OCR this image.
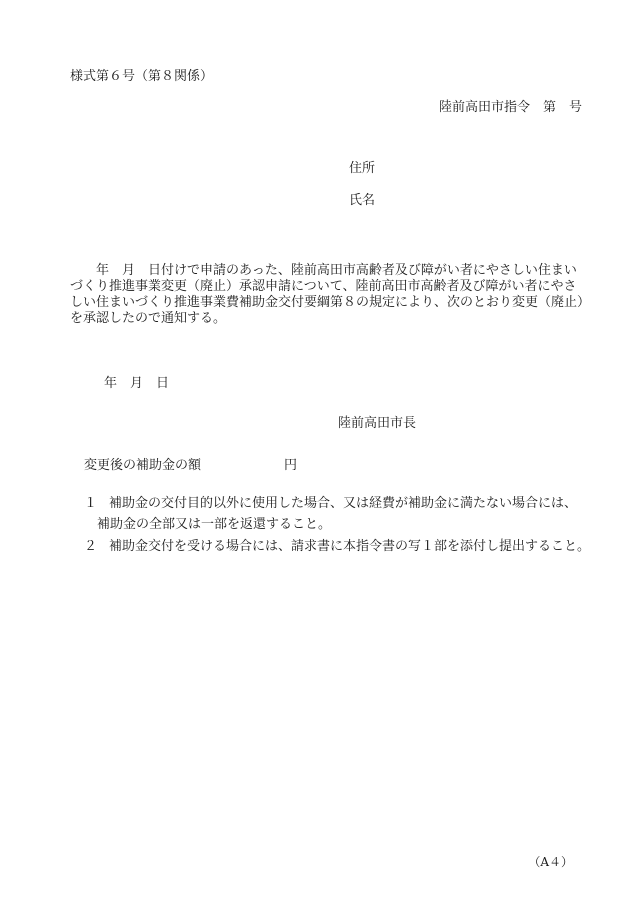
様式第６号（第８関係）
陸前高田市指令　第　号
住所
氏名
　　年　月　日付けで申請のあった、陸前高田市高齢者及び障がい者にやさしい住まい
づくり推進事業変更（廃止）承認申請について、陸前高田市高齢者及び障がい者にやさ
しい住まいづくり推進事業費補助金交付要綱第８の規定により、次のとおり変更（廃止）
を承認したので通知する。
年　月　日
陸前高田市長
変更後の補助金の額	円
１ 補助金の交付目的以外に使用した場合、又は経費が補助金に満たない場合には、
補助金の全部又は一部を返還すること。
２ 補助金交付を受ける場合には、請求書に本指令書の写１部を添付し提出すること。
（A４）
